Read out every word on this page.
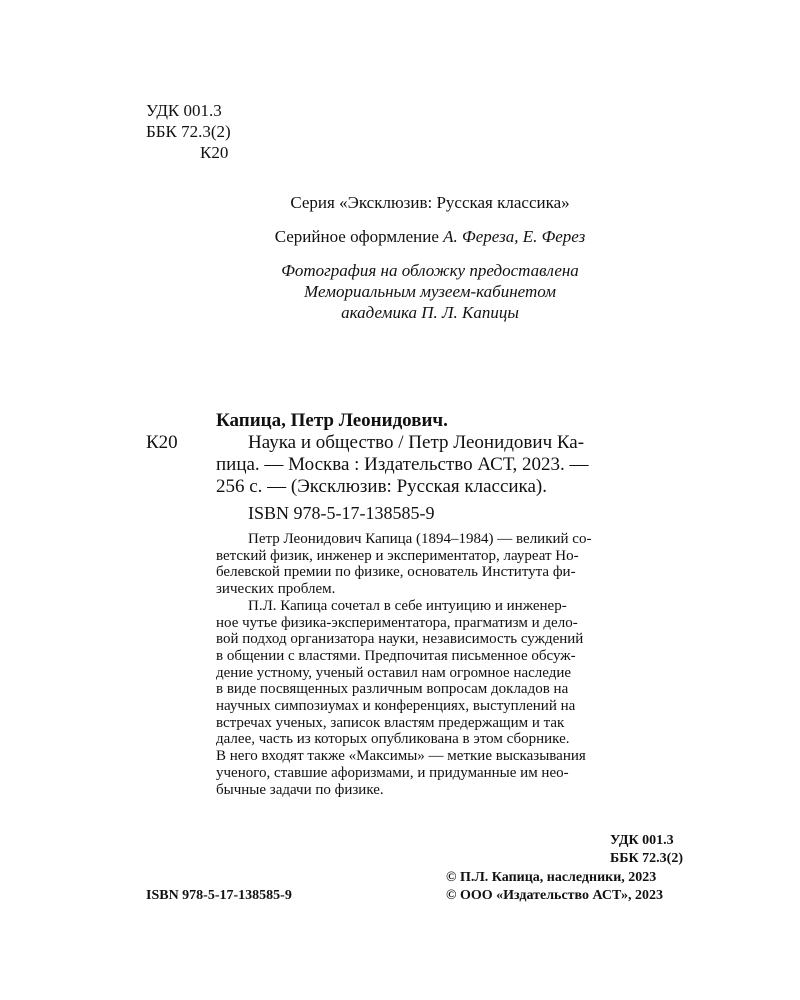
УДК 001.3
ББК 72.3(2)
К20
Серия «Эксклюзив: Русская классика»
Серийное оформление А. Фереза, Е. Ферез
Фотография на обложку предоставлена
Мемориальным музеем-кабинетом
академика П. Л. Капицы
Капица, Петр Леонидович.
К20	Наука и общество / Петр Леонидович Ка-
пица. — Москва : Издательство АСТ, 2023. —
256 с. — (Эксклюзив: Русская классика).
ISBN 978-5-17-138585-9

Петр Леонидович Капица (1894–1984) — великий со-

ветский физик, инженер и экспериментатор, лауреат Но-

белевской премии по физике, основатель Института фи-

зических проблем.

П.Л. Капица сочетал в себе интуицию и инженер-

ное чутье физика-экспериментатора, прагматизм и дело-

вой подход организатора науки, независимость суждений

в общении с властями. Предпочитая письменное обсуж-

дение устному, ученый оставил нам огромное наследие

в виде посвященных различным вопросам докладов на

научных симпозиумах и конференциях, выступлений на

встречах ученых, записок властям предержащим и так

далее, часть из которых опубликована в этом сборнике.

В него входят также «Максимы» — меткие высказывания

ученого, ставшие афоризмами, и придуманные им нео-

бычные задачи по физике.

УДК 001.3
ББК 72.3(2)
ISBN 978-5-17-138585-9
© П.Л. Капица, наследники, 2023
© ООО «Издательство АСТ», 2023
